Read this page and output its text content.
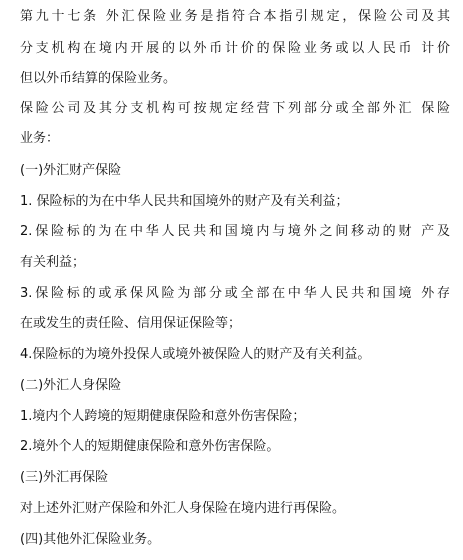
第九十七条 外汇保险业务是指符合本指引规定，保险公司及其
分支机构在境内开展的以外币计价的保险业务或以人民币 计价
但以外币结算的保险业务。
保险公司及其分支机构可按规定经营下列部分或全部外汇 保险
业务：
(一)外汇财产保险
1. 保险标的为在中华人民共和国境外的财产及有关利益；
2.保险标的为在中华人民共和国境内与境外之间移动的财 产及
有关利益；
3.保险标的或承保风险为部分或全部在中华人民共和国境 外存
在或发生的责任险、信用保证保险等；
4.保险标的为境外投保人或境外被保险人的财产及有关利益。
(二)外汇人身保险
1.境内个人跨境的短期健康保险和意外伤害保险；
2.境外个人的短期健康保险和意外伤害保险。
(三)外汇再保险
对上述外汇财产保险和外汇人身保险在境内进行再保险。
(四)其他外汇保险业务。
